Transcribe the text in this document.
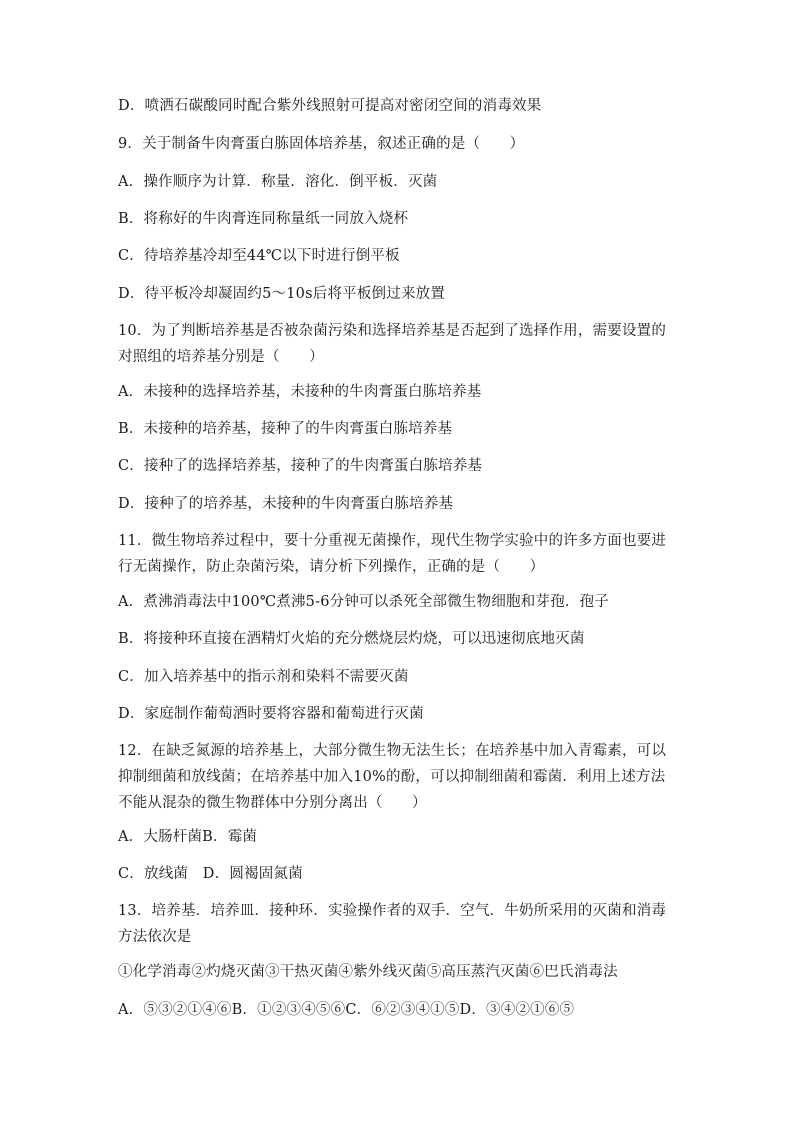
D．喷洒石碳酸同时配合紫外线照射可提高对密闭空间的消毒效果
9．关于制备牛肉膏蛋白胨固体培养基，叙述正确的是（　　）
A．操作顺序为计算．称量．溶化．倒平板．灭菌
B．将称好的牛肉膏连同称量纸一同放入烧杯
C．待培养基冷却至44℃以下时进行倒平板
D．待平板冷却凝固约5～10s后将平板倒过来放置
10．为了判断培养基是否被杂菌污染和选择培养基是否起到了选择作用，需要设置的对照组的培养基分别是（　　）
A．未接种的选择培养基，未接种的牛肉膏蛋白胨培养基
B．未接种的培养基，接种了的牛肉膏蛋白胨培养基
C．接种了的选择培养基，接种了的牛肉膏蛋白胨培养基
D．接种了的培养基，未接种的牛肉膏蛋白胨培养基
11．微生物培养过程中，要十分重视无菌操作，现代生物学实验中的许多方面也要进行无菌操作，防止杂菌污染，请分析下列操作，正确的是（　　）
A．煮沸消毒法中100℃煮沸5-6分钟可以杀死全部微生物细胞和芽孢．孢子
B．将接种环直接在酒精灯火焰的充分燃烧层灼烧，可以迅速彻底地灭菌
C．加入培养基中的指示剂和染料不需要灭菌
D．家庭制作葡萄酒时要将容器和葡萄进行灭菌
12．在缺乏氮源的培养基上，大部分微生物无法生长；在培养基中加入青霉素，可以抑制细菌和放线菌；在培养基中加入10%的酚，可以抑制细菌和霉菌．利用上述方法不能从混杂的微生物群体中分别分离出（　　）
A．大肠杆菌B．霉菌
C．放线菌　D．圆褐固氮菌
13．培养基．培养皿．接种环．实验操作者的双手．空气．牛奶所采用的灭菌和消毒方法依次是
①化学消毒②灼烧灭菌③干热灭菌④紫外线灭菌⑤高压蒸汽灭菌⑥巴氏消毒法
A．⑤③②①④⑥B．①②③④⑤⑥C．⑥②③④①⑤D．③④②①⑥⑤
